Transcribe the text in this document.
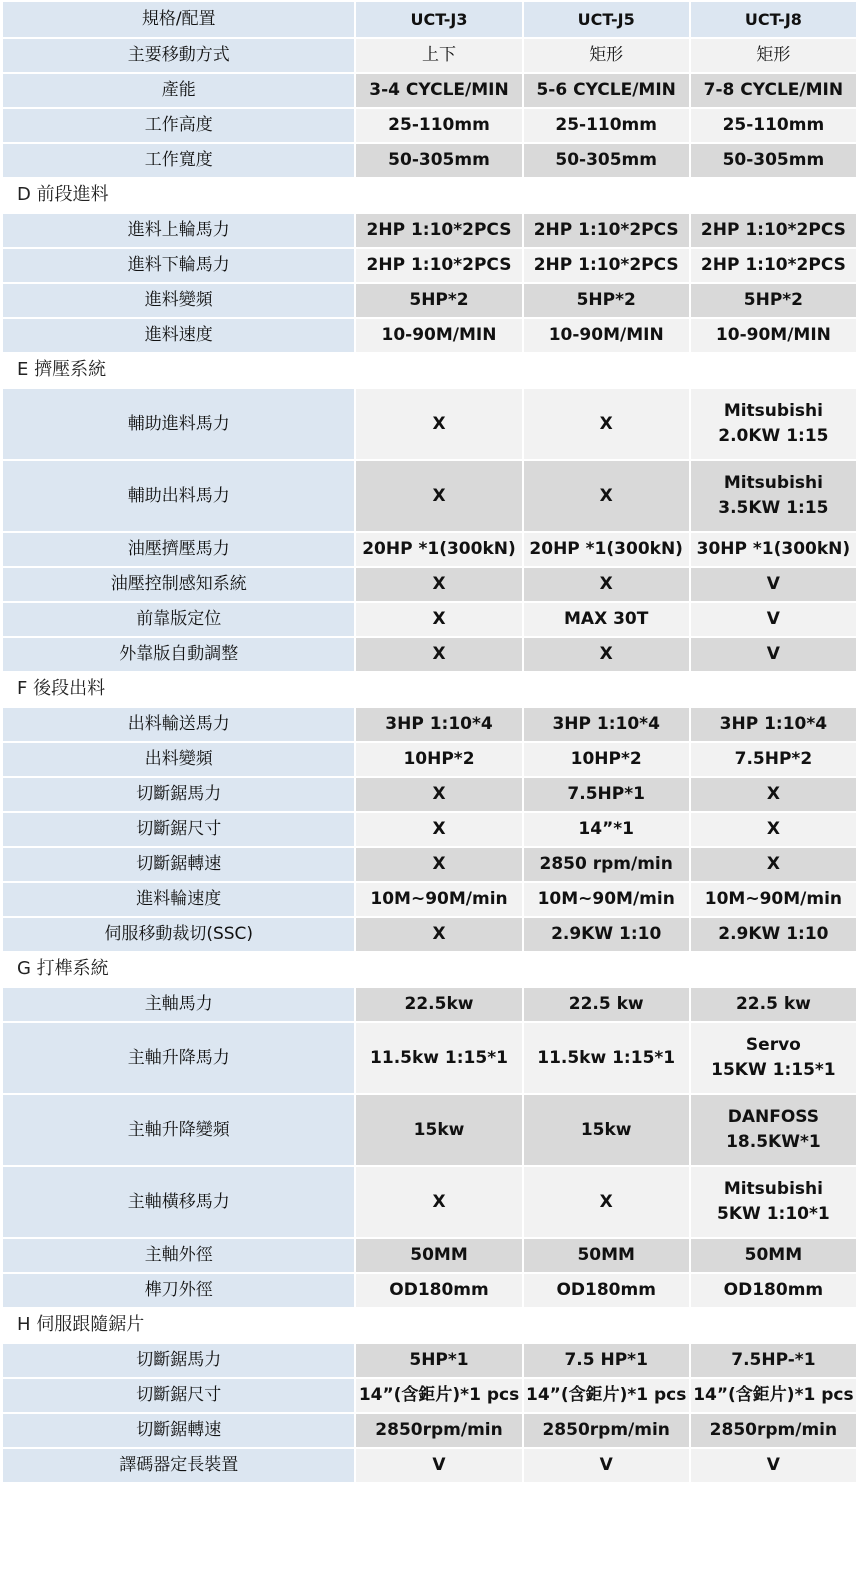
規格/配置	UCT-J3	UCT-J5	UCT-J8
主要移動方式	上下	矩形	矩形
產能	3-4 CYCLE/MIN	5-6 CYCLE/MIN	7-8 CYCLE/MIN
工作高度	25-110mm	25-110mm	25-110mm
工作寬度	50-305mm	50-305mm	50-305mm
D 前段進料			
進料上輪馬力	2HP 1:10*2PCS	2HP 1:10*2PCS	2HP 1:10*2PCS
進料下輪馬力	2HP 1:10*2PCS	2HP 1:10*2PCS	2HP 1:10*2PCS
進料變頻	5HP*2	5HP*2	5HP*2
進料速度	10-90M/MIN	10-90M/MIN	10-90M/MIN
E 擠壓系統			
輔助進料馬力	X	X	Mitsubishi
2.0KW 1:15

輔助出料馬力	X	X	Mitsubishi
3.5KW 1:15

油壓擠壓馬力	20HP *1(300kN)	20HP *1(300kN)	30HP *1(300kN)
油壓控制感知系統	X	X	V
前靠版定位	X	MAX 30T	V
外靠版自動調整	X	X	V
F 後段出料			
出料輸送馬力	3HP 1:10*4	3HP 1:10*4	3HP 1:10*4
出料變頻	10HP*2	10HP*2	7.5HP*2
切斷鋸馬力	X	7.5HP*1	X
切斷鋸尺寸	X	14”*1	X
切斷鋸轉速	X	2850 rpm/min	X
進料輪速度	10M~90M/min	10M~90M/min	10M~90M/min
伺服移動裁切(SSC)	X	2.9KW 1:10	2.9KW 1:10
G 打榫系統			
主軸馬力	22.5kw	22.5 kw	22.5 kw
主軸升降馬力	11.5kw 1:15*1	11.5kw 1:15*1	Servo
15KW 1:15*1

主軸升降變頻	15kw	15kw	DANFOSS
18.5KW*1

主軸橫移馬力	X	X	Mitsubishi
5KW 1:10*1

主軸外徑	50MM	50MM	50MM
榫刀外徑	OD180mm	OD180mm	OD180mm
H 伺服跟隨鋸片			
切斷鋸馬力	5HP*1	7.5 HP*1	7.5HP-*1
切斷鋸尺寸	14”(含鉅片)*1 pcs	14”(含鉅片)*1 pcs	14”(含鉅片)*1 pcs
切斷鋸轉速	2850rpm/min	2850rpm/min	2850rpm/min
譯碼器定長裝置	V	V	V
